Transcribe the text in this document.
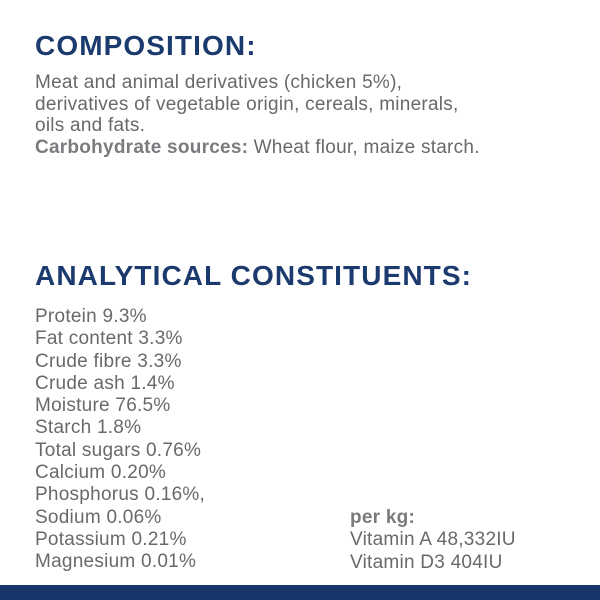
COMPOSITION:
Meat and animal derivatives (chicken 5%),
derivatives of vegetable origin, cereals, minerals,
oils and fats.
Carbohydrate sources: Wheat flour, maize starch.
ANALYTICAL CONSTITUENTS:
Protein 9.3%
Fat content 3.3%
Crude fibre 3.3%
Crude ash 1.4%
Moisture 76.5%
Starch 1.8%
Total sugars 0.76%
Calcium 0.20%
Phosphorus 0.16%,
Sodium 0.06%
Potassium 0.21%
Magnesium 0.01%
per kg:
Vitamin A 48,332IU
Vitamin D3 404IU
